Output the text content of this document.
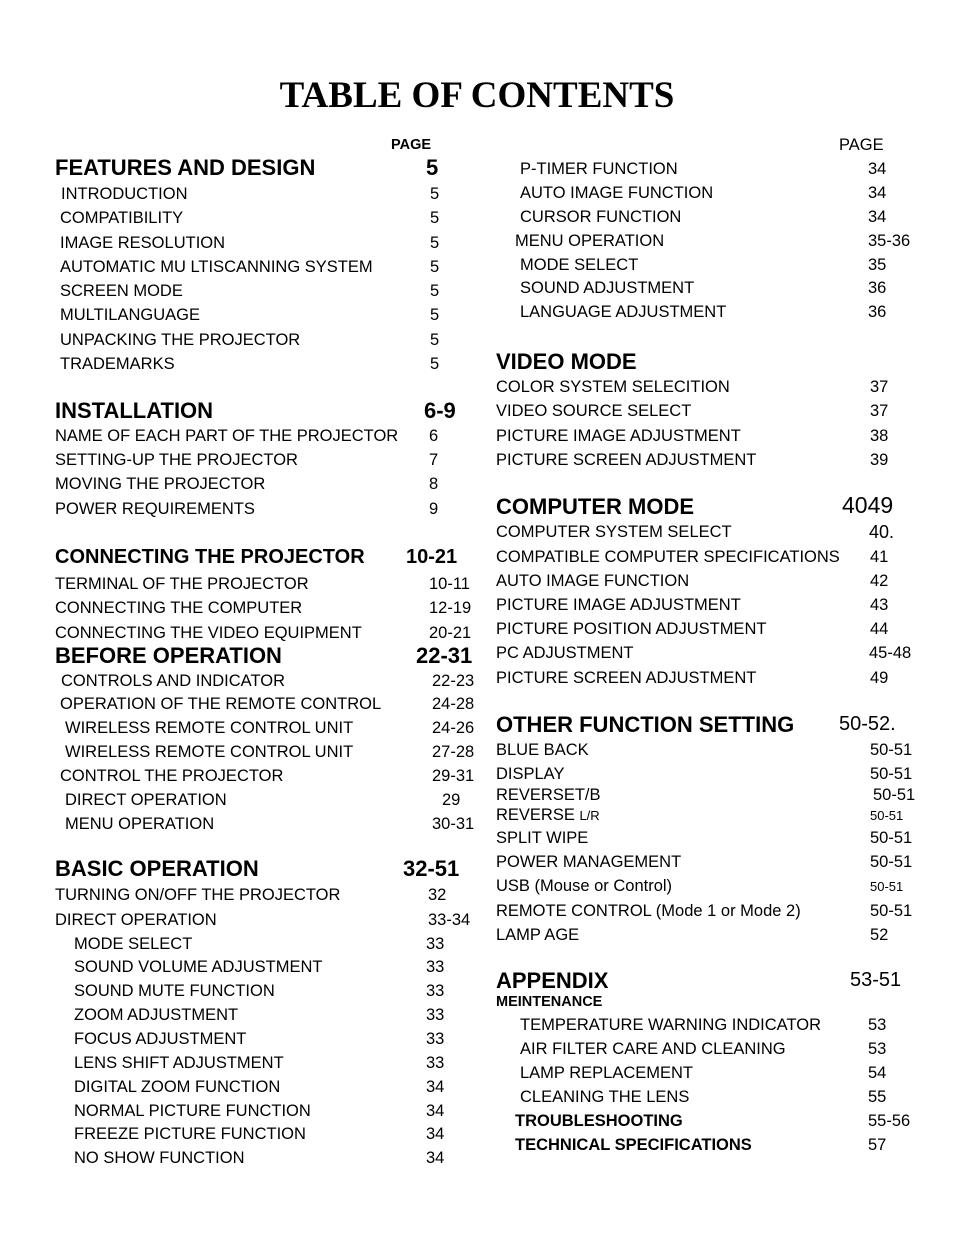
TABLE OF CONTENTS
PAGE
FEATURES AND DESIGN	5
INTRODUCTION	5
COMPATIBILITY	5
IMAGE RESOLUTION	5
AUTOMATIC MU LTISCANNING SYSTEM	5
SCREEN MODE	5
MULTILANGUAGE	5
UNPACKING THE PROJECTOR	5
TRADEMARKS	5
INSTALLATION	6-9
NAME OF EACH PART OF THE PROJECTOR 6
SETTING-UP THE PROJECTOR	7
MOVING THE PROJECTOR	8
POWER REQUIREMENTS	9
CONNECTING THE PROJECTOR 10-21
TERMINAL OF THE PROJECTOR	10-11
CONNECTING THE COMPUTER	12-19
CONNECTING THE VIDEO EQUIPMENT	20-21
BEFORE OPERATION	22-31
CONTROLS AND INDICATOR	22-23
OPERATION OF THE REMOTE CONTROL	24-28
WIRELESS REMOTE CONTROL UNIT	24-26
WIRELESS REMOTE CONTROL UNIT	27-28
CONTROL THE PROJECTOR	29-31
DIRECT OPERATION	29
MENU OPERATION	30-31
BASIC OPERATION	32-51
TURNING ON/OFF THE PROJECTOR	32
DIRECT OPERATION	33-34
MODE SELECT	33
SOUND VOLUME ADJUSTMENT	33
SOUND MUTE FUNCTION	33
ZOOM ADJUSTMENT	33
FOCUS ADJUSTMENT	33
LENS SHIFT ADJUSTMENT	33
DIGITAL ZOOM FUNCTION	34
NORMAL PICTURE FUNCTION	34
FREEZE PICTURE FUNCTION	34
NO SHOW FUNCTION	34
PAGE
P-TIMER FUNCTION	34
AUTO IMAGE FUNCTION	34
CURSOR FUNCTION	34
MENU OPERATION	35-36
MODE SELECT	35
SOUND ADJUSTMENT	36
LANGUAGE ADJUSTMENT	36
VIDEO MODE
COLOR SYSTEM SELECITION	37
VIDEO SOURCE SELECT	37
PICTURE IMAGE ADJUSTMENT	38
PICTURE SCREEN ADJUSTMENT	39
COMPUTER MODE	4049
COMPUTER SYSTEM SELECT	40.
COMPATIBLE COMPUTER SPECIFICATIONS 41
AUTO IMAGE FUNCTION	42
PICTURE IMAGE ADJUSTMENT	43
PICTURE POSITION ADJUSTMENT	44
PC ADJUSTMENT	45-48
PICTURE SCREEN ADJUSTMENT	49
OTHER FUNCTION SETTING 50-52.
BLUE BACK	50-51
DISPLAY	50-51
REVERSET/B	50-51
REVERSE L/R	50-51
SPLIT WIPE	50-51
POWER MANAGEMENT	50-51
USB (Mouse or Control)	50-51
REMOTE CONTROL (Mode 1 or Mode 2)	50-51
LAMP AGE	52
APPENDIX	53-51
MEINTENANCE
TEMPERATURE WARNING INDICATOR	53
AIR FILTER CARE AND CLEANING	53
LAMP REPLACEMENT	54
CLEANING THE LENS	55
TROUBLESHOOTING	55-56
TECHNICAL SPECIFICATIONS	57
